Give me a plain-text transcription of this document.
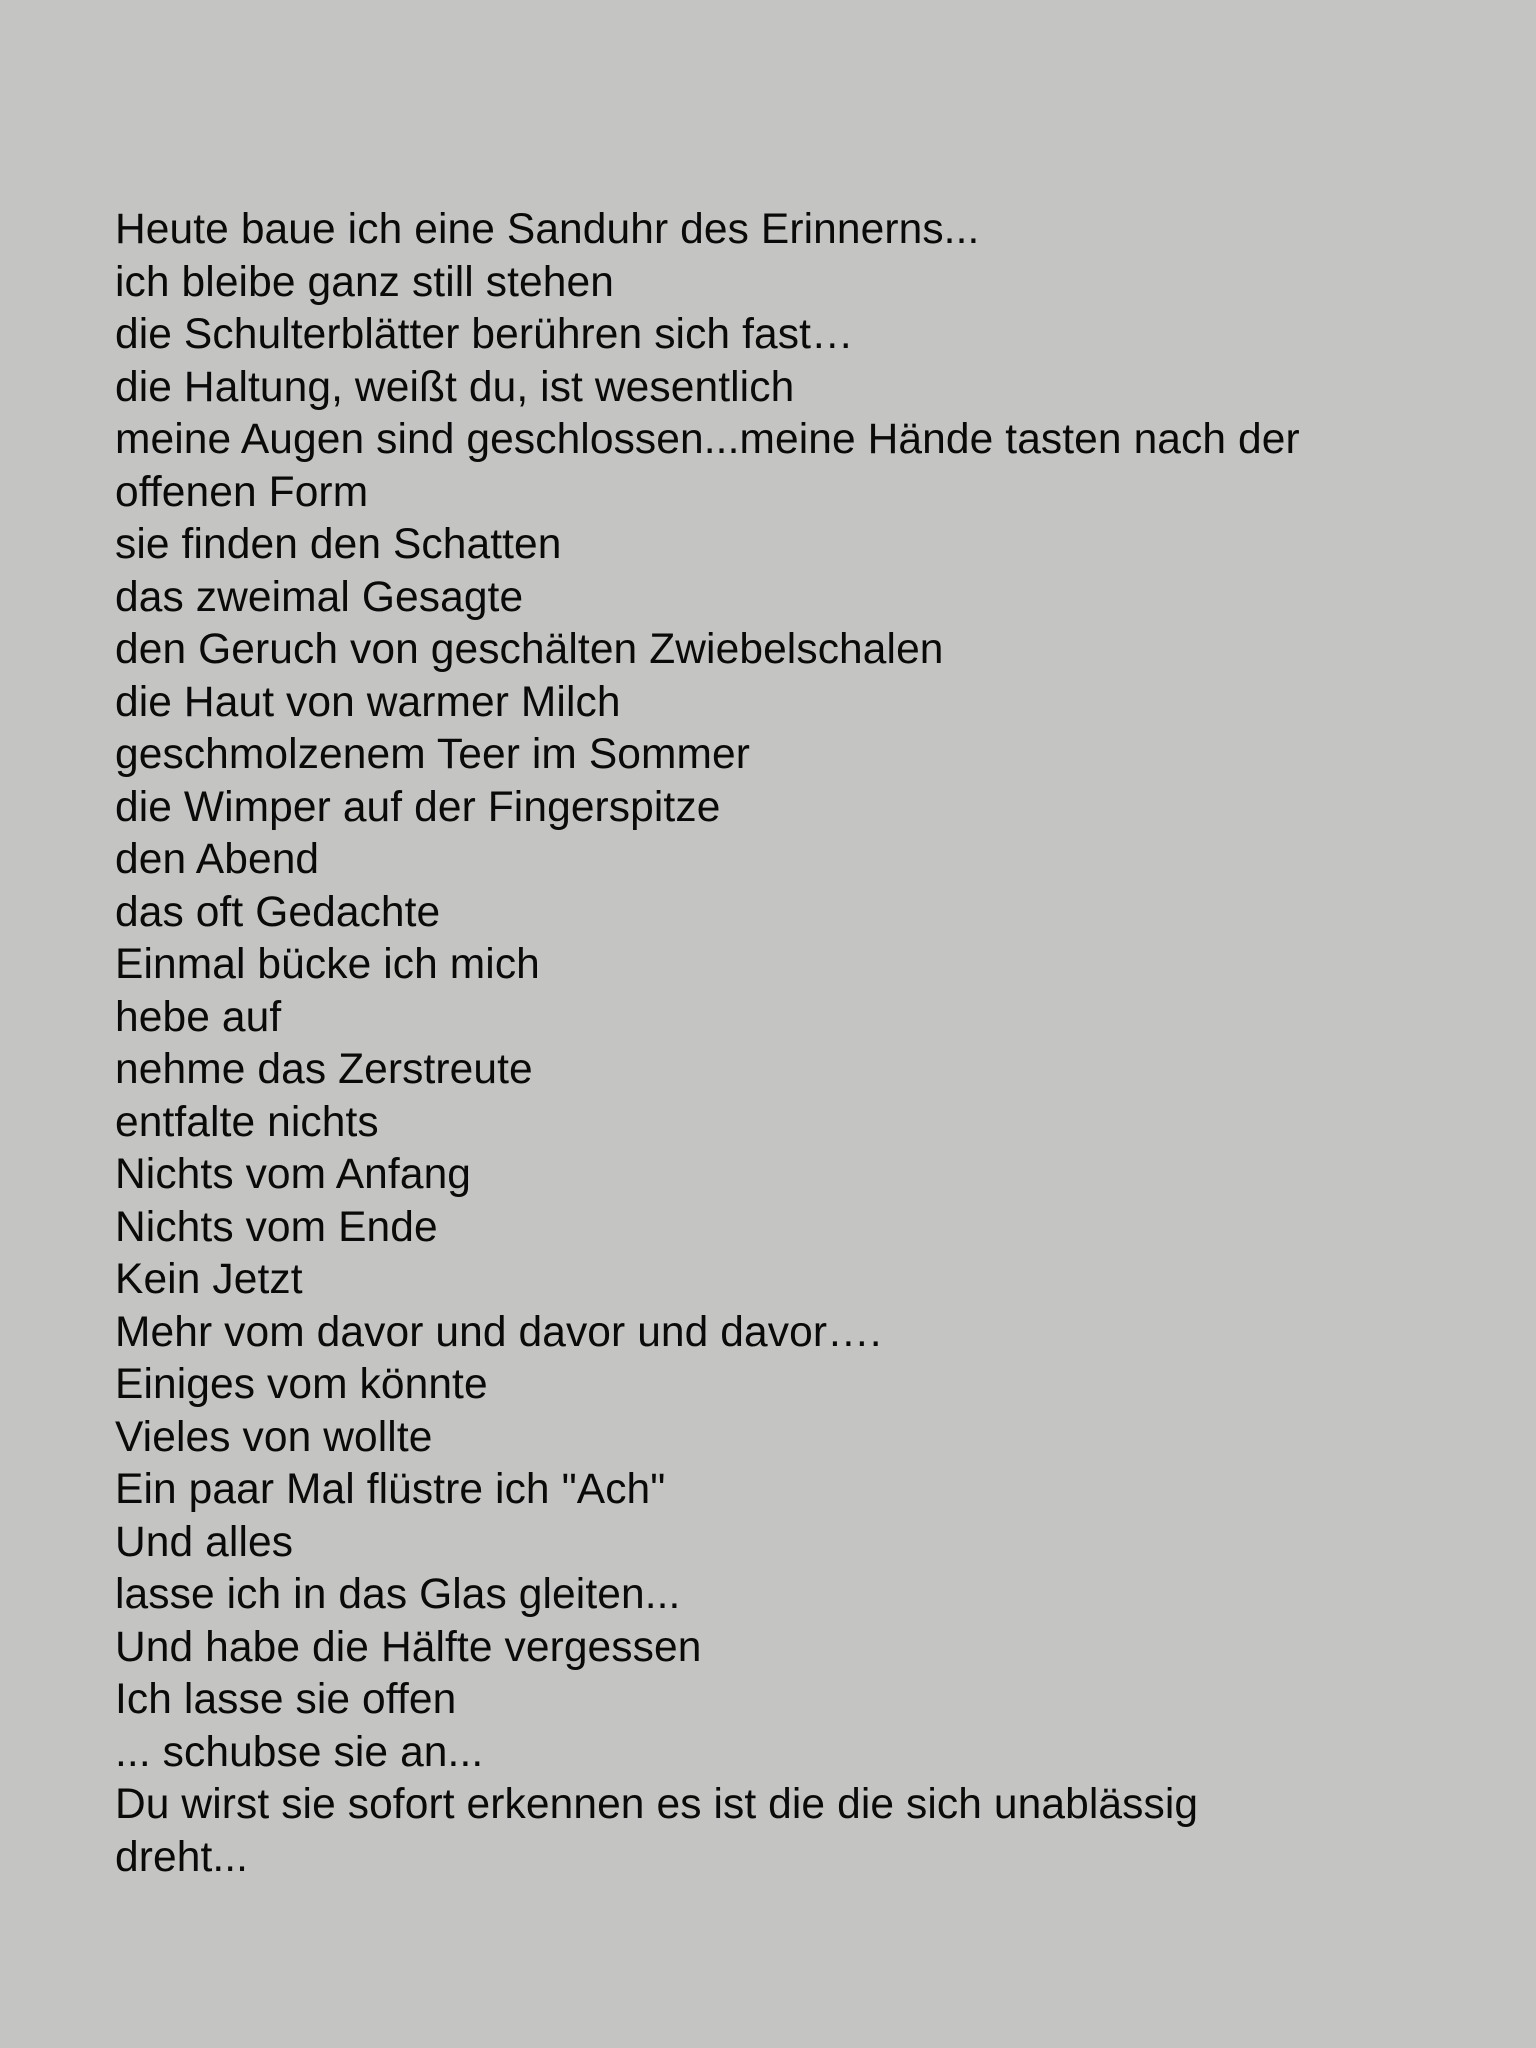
Heute baue ich eine Sanduhr des Erinnerns...
ich bleibe ganz still stehen
die Schulterblätter berühren sich fast…
die Haltung, weißt du, ist wesentlich
meine Augen sind geschlossen...meine Hände tasten nach der
offenen Form
sie finden den Schatten
das zweimal Gesagte
den Geruch von geschälten Zwiebelschalen
die Haut von warmer Milch
geschmolzenem Teer im Sommer
die Wimper auf der Fingerspitze
den Abend
das oft Gedachte
Einmal bücke ich mich
hebe auf
nehme das Zerstreute
entfalte nichts
Nichts vom Anfang
Nichts vom Ende
Kein Jetzt
Mehr vom davor und davor und davor….
Einiges vom könnte
Vieles von wollte
Ein paar Mal flüstre ich "Ach"
Und alles
lasse ich in das Glas gleiten...
Und habe die Hälfte vergessen
Ich lasse sie offen
... schubse sie an...
Du wirst sie sofort erkennen es ist die die sich unablässig
dreht...
